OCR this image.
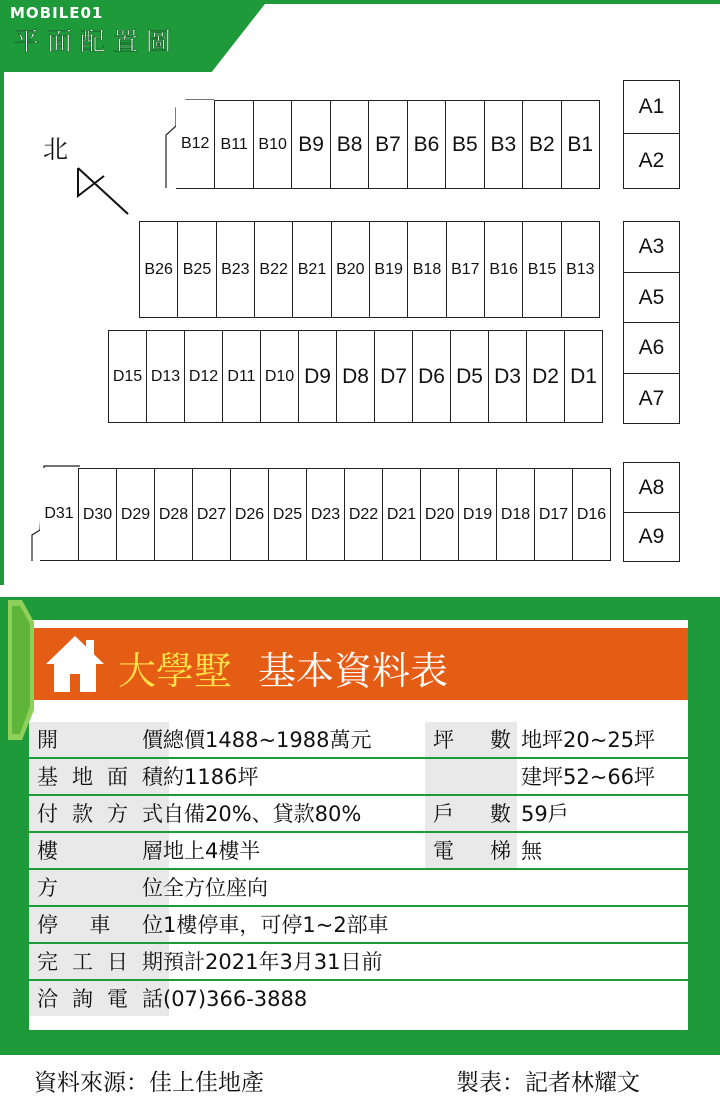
MOBILE01
平面配置圖
北	B12 B11 B10 B9 B8 B7 B6 B5 B3 B2 B1
B26 B25 B23 B22 B21 B20 B19 B18 B17 B16 B15 B13
D15 D13 D12 D11 D10 D9 D8 D7 D6 D5 D3 D2 D1
D31 D30 D29 D28 D27 D26 D25 D23 D22 D21 D20 D19 D18 D17 D16
A1
A2
A3
A5
A6
A7
A8
A9
大學墅 基本資料表
開價 總價1488~1988萬元	坪數 地坪20~25坪
基地面積 約1186坪	建坪52~66坪
付款方式 自備20%、貸款80%	戶數 59戶
樓層 地上4樓半	電梯 無
方位 全方位座向
停車位 1樓停車，可停1~2部車
完工日期 預計2021年3月31日前
洽詢電話 (07)366-3888
資料來源：佳上佳地產	製表：記者林耀文
